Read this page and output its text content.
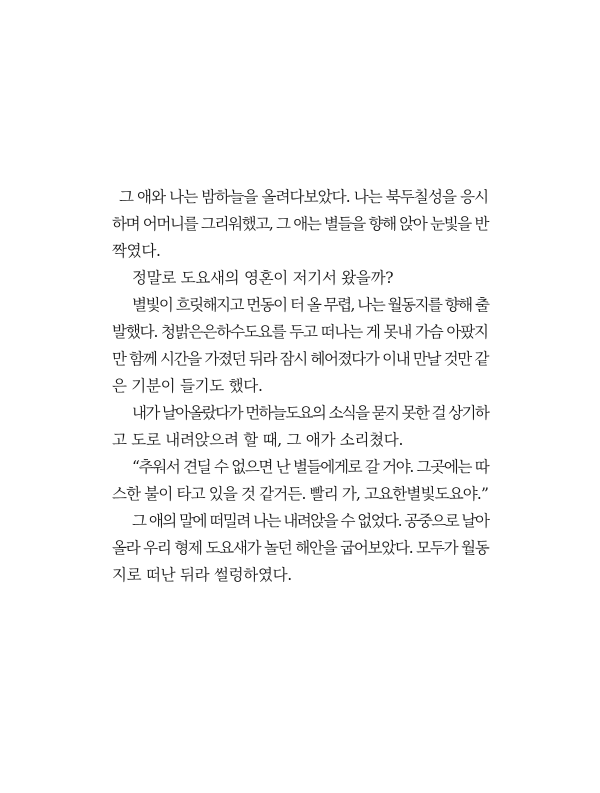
그 애와 나는 밤하늘을 올려다보았다. 나는 북두칠성을 응시
하며 어머니를 그리워했고, 그 애는 별들을 향해 앉아 눈빛을 반
짝였다.
정말로 도요새의 영혼이 저기서 왔을까?
별빛이 흐릿해지고 먼동이 터 올 무렵, 나는 월동지를 향해 출
발했다. 청밝은은하수도요를 두고 떠나는 게 못내 가슴 아팠지
만 함께 시간을 가졌던 뒤라 잠시 헤어졌다가 이내 만날 것만 같
은 기분이 들기도 했다.
내가 날아올랐다가 먼하늘도요의 소식을 묻지 못한 걸 상기하
고 도로 내려앉으려 할 때, 그 애가 소리쳤다.
“추워서 견딜 수 없으면 난 별들에게로 갈 거야. 그곳에는 따
스한 불이 타고 있을 것 같거든. 빨리 가, 고요한별빛도요야.”
그 애의 말에 떠밀려 나는 내려앉을 수 없었다. 공중으로 날아
올라 우리 형제 도요새가 놀던 해안을 굽어보았다. 모두가 월동
지로 떠난 뒤라 썰렁하였다.
